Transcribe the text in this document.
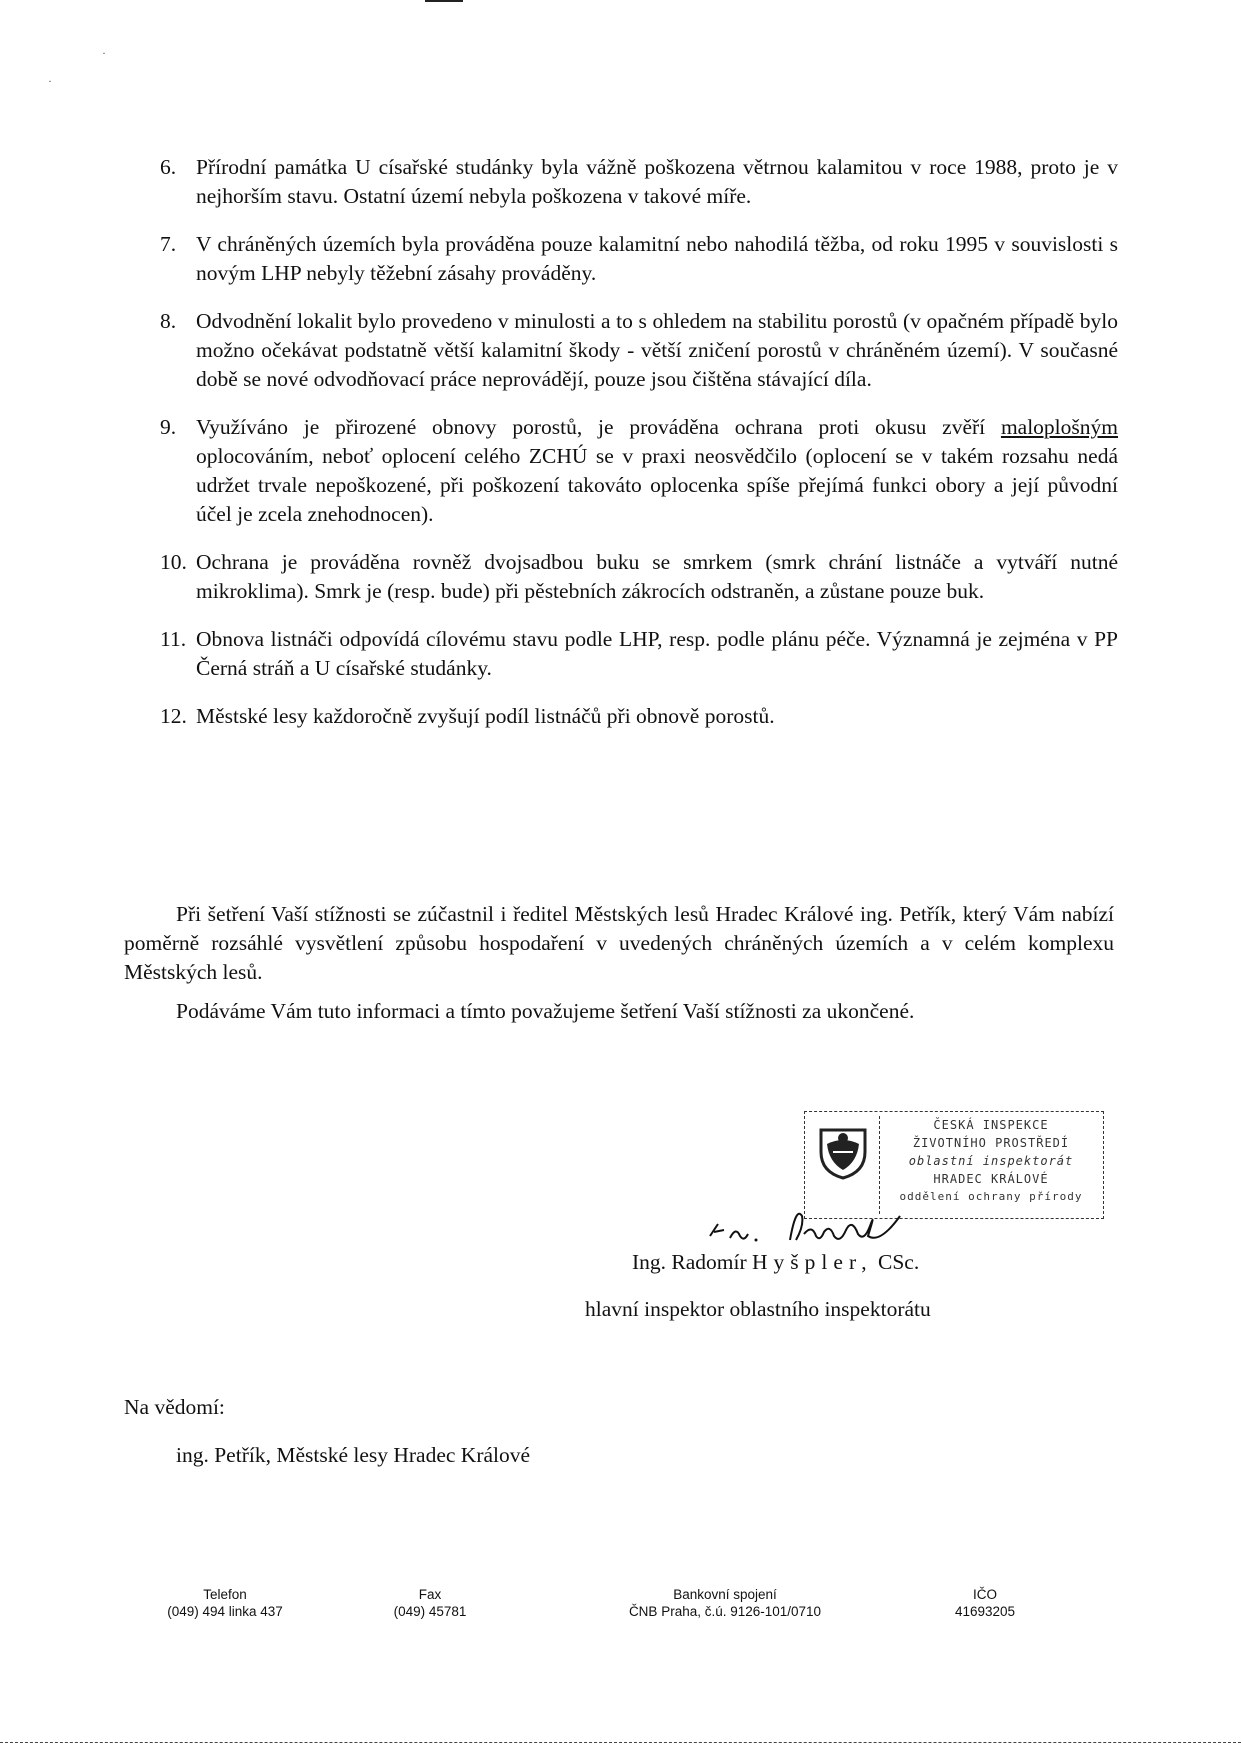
·
·
6. Přírodní památka U císařské studánky byla vážně poškozena větrnou kalamitou v roce 1988, proto je v nejhorším stavu. Ostatní území nebyla poškozena v takové míře.
7. V chráněných územích byla prováděna pouze kalamitní nebo nahodilá těžba, od roku 1995 v souvislosti s novým LHP nebyly těžební zásahy prováděny.
8. Odvodnění lokalit bylo provedeno v minulosti a to s ohledem na stabilitu porostů (v opačném případě bylo možno očekávat podstatně větší kalamitní škody - větší zničení porostů v chráněném území). V současné době se nové odvodňovací práce neprovádějí, pouze jsou čištěna stávající díla.
9. Využíváno je přirozené obnovy porostů, je prováděna ochrana proti okusu zvěří maloplošným oplocováním, neboť oplocení celého ZCHÚ se v praxi neosvědčilo (oplocení se v takém rozsahu nedá udržet trvale nepoškozené, při poškození takováto oplocenka spíše přejímá funkci obory a její původní účel je zcela znehodnocen).
10. Ochrana je prováděna rovněž dvojsadbou buku se smrkem (smrk chrání listnáče a vytváří nutné mikroklima). Smrk je (resp. bude) při pěstebních zákrocích odstraněn, a zůstane pouze buk.
11. Obnova listnáči odpovídá cílovému stavu podle LHP, resp. podle plánu péče. Významná je zejména v PP Černá stráň a U císařské studánky.
12. Městské lesy každoročně zvyšují podíl listnáčů při obnově porostů.

Při šetření Vaší stížnosti se zúčastnil i ředitel Městských lesů Hradec Králové ing. Petřík, který Vám nabízí poměrně rozsáhlé vysvětlení způsobu hospodaření v uvedených chráněných územích a v celém komplexu Městských lesů.

Podáváme Vám tuto informaci a tímto považujeme šetření Vaší stížnosti za ukončené.

ČESKÁ INSPEKCE
ŽIVOTNÍHO PROSTŘEDÍ
oblastní inspektorát
HRADEC KRÁLOVÉ
oddělení ochrany přírody
Ing. Radomír Hyšpler, CSc.
hlavní inspektor oblastního inspektorátu
Na vědomí:
ing. Petřík, Městské lesy Hradec Králové
Telefon
(049) 494 linka 437
Fax
(049) 45781
Bankovní spojení
ČNB Praha, č.ú. 9126-101/0710
IČO
41693205
